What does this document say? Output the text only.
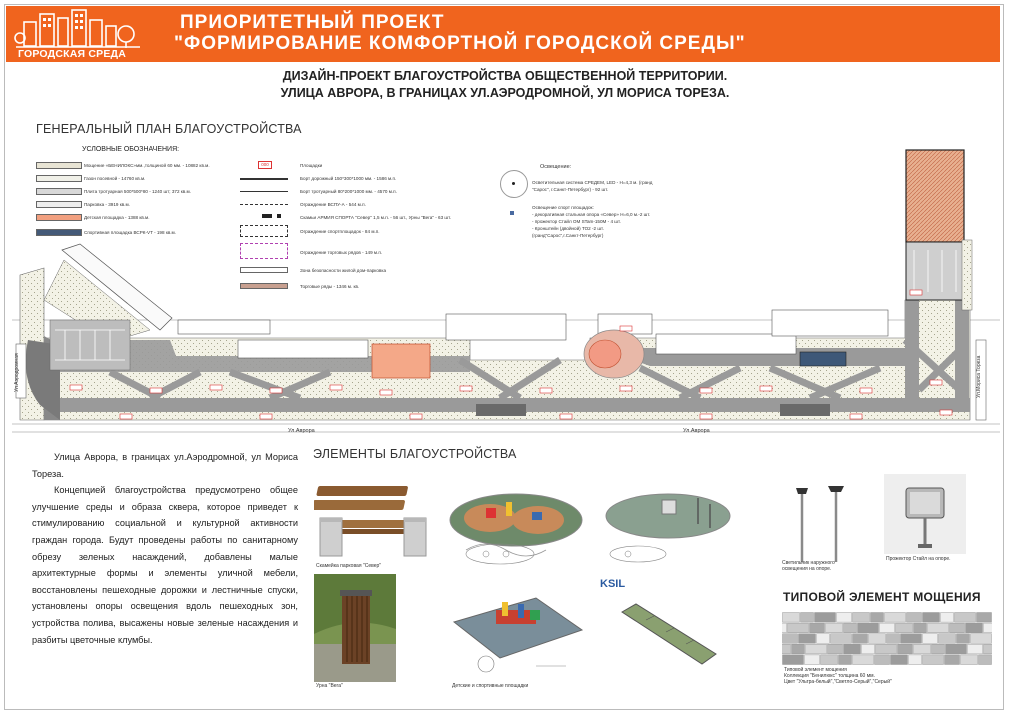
ГОРОДСКАЯ СРЕДА
ПРИОРИТЕТНЫЙ ПРОЕКТ
"ФОРМИРОВАНИЕ КОМФОРТНОЙ ГОРОДСКОЙ СРЕДЫ"
ДИЗАЙН-ПРОЕКТ БЛАГОУСТРОЙСТВА ОБЩЕСТВЕННОЙ ТЕРРИТОРИИ.
УЛИЦА АВРОРА, В ГРАНИЦАХ УЛ.АЭРОДРОМНОЙ, УЛ МОРИСА ТОРЕЗА.
ГЕНЕРАЛЬНЫЙ ПЛАН БЛАГОУСТРОЙСТВА
УСЛОВНЫЕ ОБОЗНАЧЕНИЯ:
Мощение «БЕНИЛОКС»мм.,толщиной 60 мм. - 10882 кв.м.
Газон посевной - 14760 кв.м.
Плита тротуарная 500*500*80 - 1240 шт; 372 кв.м.
Парковка - 3919 кв.м.
Детская площадка - 1388 кв.м.
Спортивная площадка ВСРК-VT - 198 кв.м.
000	Площадки
Борт дорожный 150*300*1000 мм. - 1586 м.п.
Борт тротуарный 80*200*1000 мм. - 4570 м.п.
Ограждение ВСПУ-А - 544 м.п.
Скамьи АРМИЯ СПОРТА "Север" 1,5 м.п. - 56 шт., Урны "Вега" - 63 шт.
Ограждение спортплощадок - 84 м.п.
Ограждение торговых рядов - 149 м.п.
Зона безопасности жилой дом-парковка
Торговые ряды - 1346 м. кв.
Освещение:
Осветительная система СРЕДЕМ, LED - Н=4,3 м. (гранд
"Сарос", г.Санкт-Петербург) - 92 шт.
Освещение спорт площадок:
- декоративная стальная опора «Север» Н=6,0 м.-2 шт.
- прожектор Стайл ОМ STam-150М - 4 шт.
- Кронштейн (двойной) ТО2 -2 шт.
(гранд"Сарос",г.Санкт-Петербург)
Ул.Аврора	Ул.Аврора
Ул.Аэродромная	Ул.Мориса Тореза

Улица Аврора, в границах ул.Аэродромной, ул Мориса Тореза.

Концепцией благоустройства предусмотрено общее улучшение среды и образа сквера, которое приведет к стимулированию социальной и культурной активности граждан города. Будут проведены работы по санитарному обрезу зеленых насаждений, добавлены малые архитектурные формы и элементы уличной мебели, восстановлены пешеходные дорожки и лестничные спуски, установлены опоры освещения вдоль пешеходных зон, устройства полива, высажены новые зеленые насаждения и разбиты цветочные клумбы.

ЭЛЕМЕНТЫ БЛАГОУСТРОЙСТВА
Скамейка парковая "Север"
Урна "Вега"
KSIL
Детские и спортивные площадки
Светильник наружного освещения на опоре.
Прожектор Стайл на опоре.
ТИПОВОЙ ЭЛЕМЕНТ МОЩЕНИЯ
Типовой элемент мощения
Коллекция "Бенилюкс" толщина 60 мм.
Цвет "Ультра-белый","Светло-Серый","Серый"
